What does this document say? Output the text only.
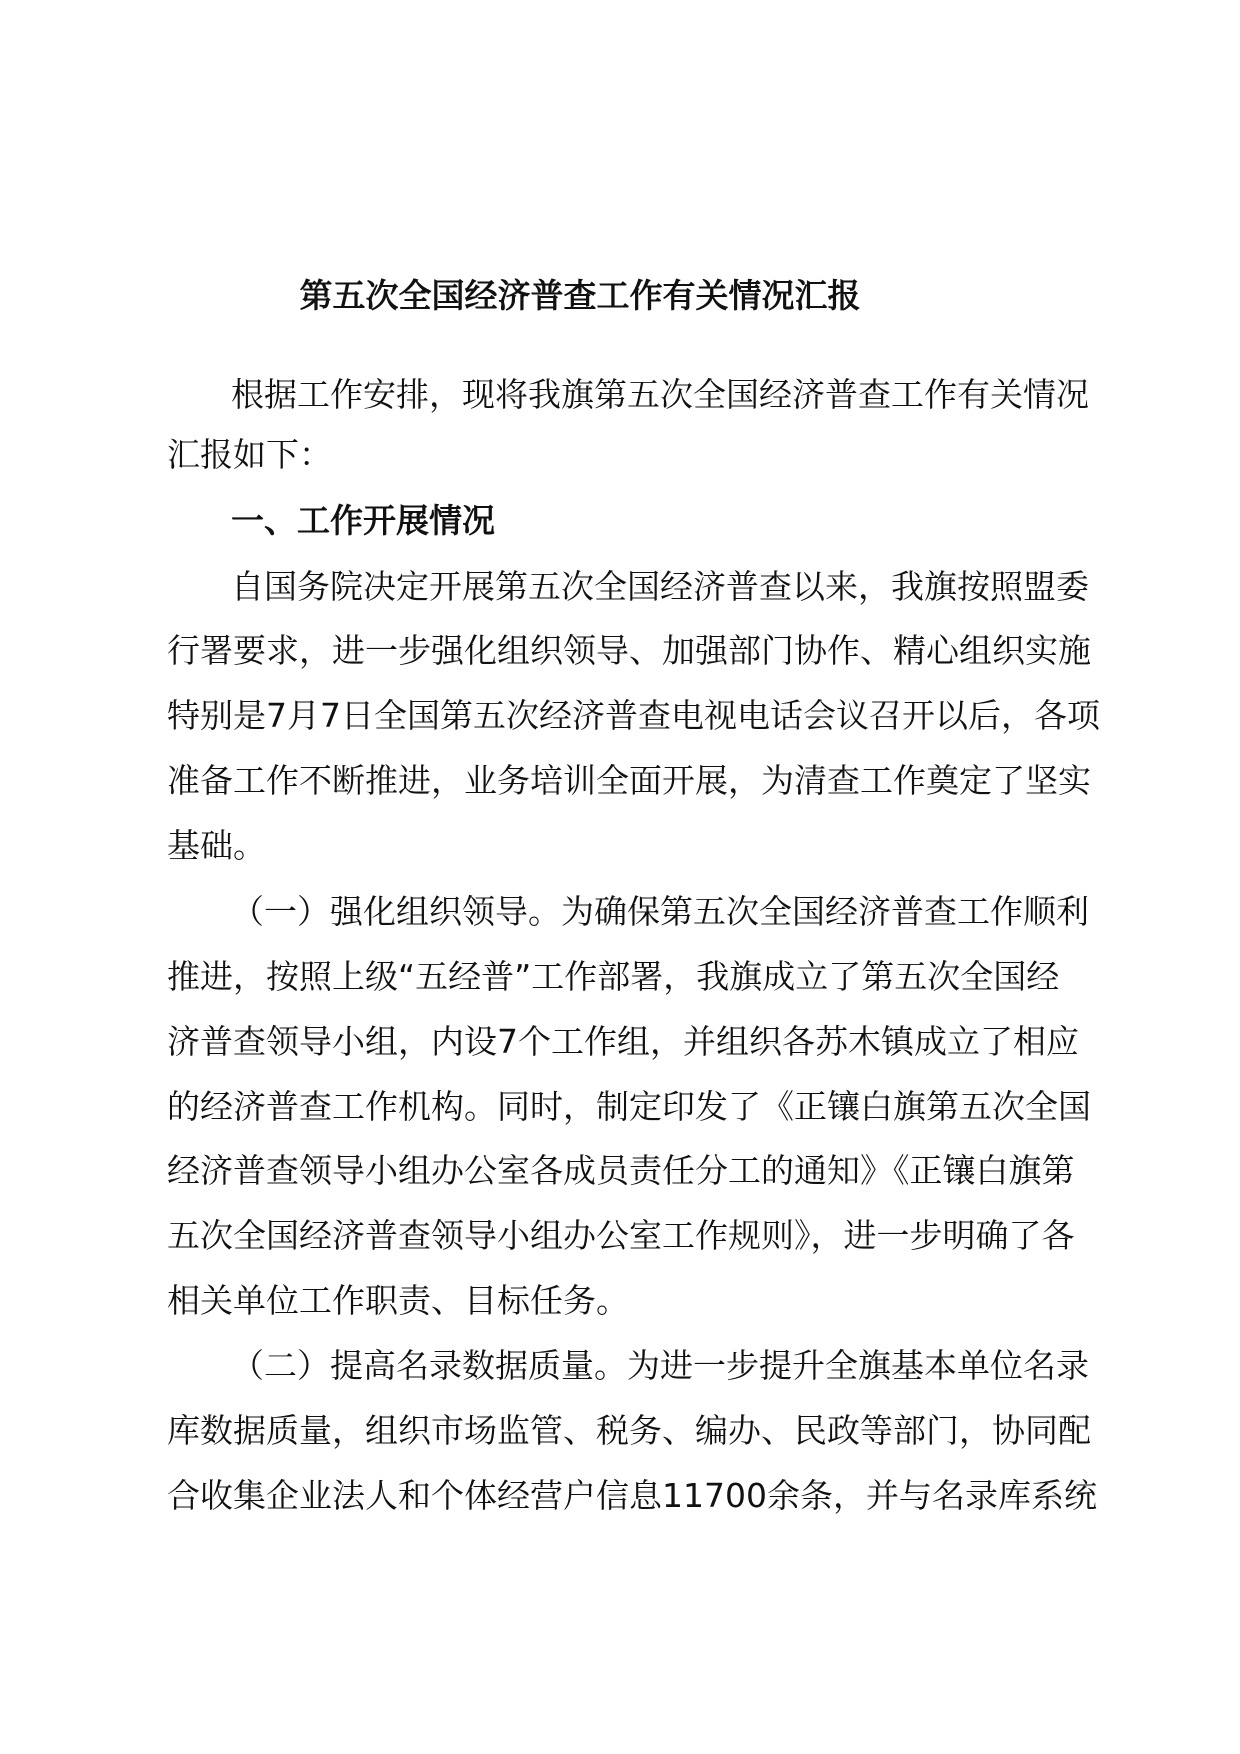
第五次全国经济普查工作有关情况汇报
根据工作安排，现将我旗第五次全国经济普查工作有关情况
汇报如下：
一、工作开展情况
自国务院决定开展第五次全国经济普查以来，我旗按照盟委
行署要求，进一步强化组织领导、加强部门协作、精心组织实施
特别是7月7日全国第五次经济普查电视电话会议召开以后，各项
准备工作不断推进，业务培训全面开展，为清查工作奠定了坚实
基础。
（一）强化组织领导。为确保第五次全国经济普查工作顺利
推进，按照上级“五经普”工作部署，我旗成立了第五次全国经
济普查领导小组，内设7个工作组，并组织各苏木镇成立了相应
的经济普查工作机构。同时，制定印发了《正镶白旗第五次全国
经济普查领导小组办公室各成员责任分工的通知》《正镶白旗第
五次全国经济普查领导小组办公室工作规则》，进一步明确了各
相关单位工作职责、目标任务。
（二）提高名录数据质量。为进一步提升全旗基本单位名录
库数据质量，组织市场监管、税务、编办、民政等部门，协同配
合收集企业法人和个体经营户信息11700余条，并与名录库系统
